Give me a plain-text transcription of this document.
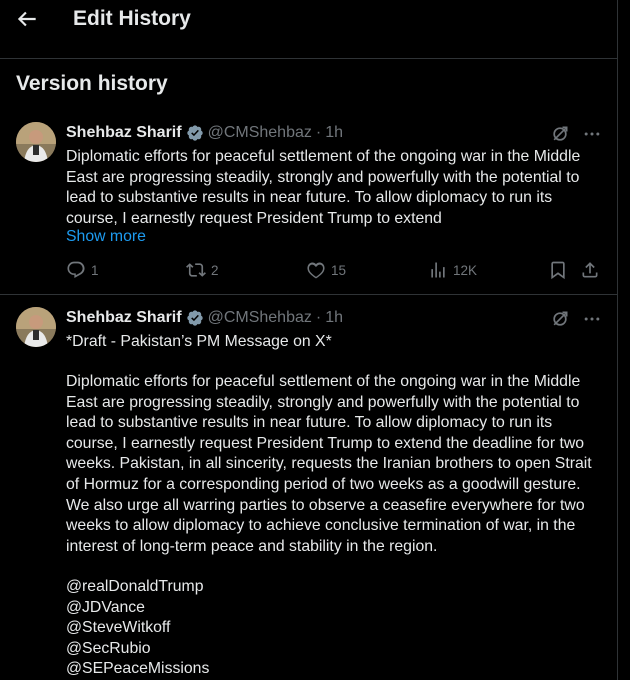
Edit History
Version history
Shehbaz Sharif @CMShehbaz · 1h

Diplomatic efforts for peaceful settlement of the ongoing war in the Middle East are progressing steadily, strongly and powerfully with the potential to lead to substantive results in near future. To allow diplomacy to run its course, I earnestly request President Trump to extend

Show more
1	2	15	12K
Shehbaz Sharif @CMShehbaz · 1h

*Draft - Pakistan’s PM Message on X*

Diplomatic efforts for peaceful settlement of the ongoing war in the Middle East are progressing steadily, strongly and powerfully with the potential to lead to substantive results in near future. To allow diplomacy to run its course, I earnestly request President Trump to extend the deadline for two weeks. Pakistan, in all sincerity, requests the Iranian brothers to open Strait of Hormuz for a corresponding period of two weeks as a goodwill gesture. We also urge all warring parties to observe a ceasefire everywhere for two weeks to allow diplomacy to achieve conclusive termination of war, in the interest of long-term peace and stability in the region.

@realDonaldTrump
@JDVance
@SteveWitkoff
@SecRubio
@SEPeaceMissions
